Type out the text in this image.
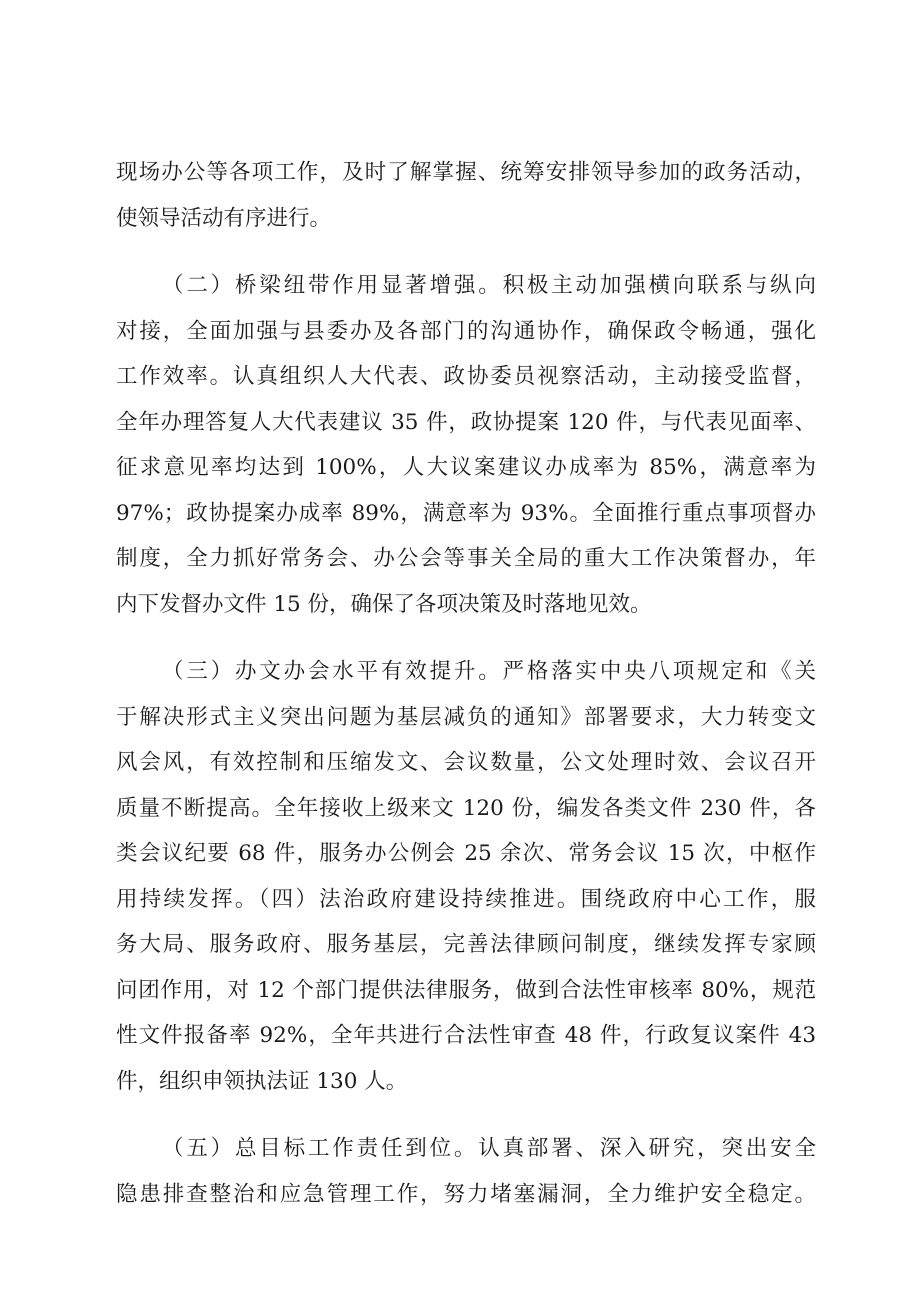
现场办公等各项工作，及时了解掌握、统筹安排领导参加的政务活动，
使领导活动有序进行。
（二）桥梁纽带作用显著增强。积极主动加强横向联系与纵向
对接，全面加强与县委办及各部门的沟通协作，确保政令畅通，强化
工作效率。认真组织人大代表、政协委员视察活动，主动接受监督，
全年办理答复人大代表建议 35 件，政协提案 120 件，与代表见面率、
征求意见率均达到 100%，人大议案建议办成率为 85%，满意率为
97%；政协提案办成率 89%，满意率为 93%。全面推行重点事项督办
制度，全力抓好常务会、办公会等事关全局的重大工作决策督办，年
内下发督办文件 15 份，确保了各项决策及时落地见效。
（三）办文办会水平有效提升。严格落实中央八项规定和《关
于解决形式主义突出问题为基层减负的通知》部署要求，大力转变文
风会风，有效控制和压缩发文、会议数量，公文处理时效、会议召开
质量不断提高。全年接收上级来文 120 份，编发各类文件 230 件，各
类会议纪要 68 件，服务办公例会 25 余次、常务会议 15 次，中枢作
用持续发挥。（四）法治政府建设持续推进。围绕政府中心工作，服
务大局、服务政府、服务基层，完善法律顾问制度，继续发挥专家顾
问团作用，对 12 个部门提供法律服务，做到合法性审核率 80%，规范
性文件报备率 92%，全年共进行合法性审查 48 件，行政复议案件 43
件，组织申领执法证 130 人。
（五）总目标工作责任到位。认真部署、深入研究，突出安全
隐患排查整治和应急管理工作，努力堵塞漏洞，全力维护安全稳定。
